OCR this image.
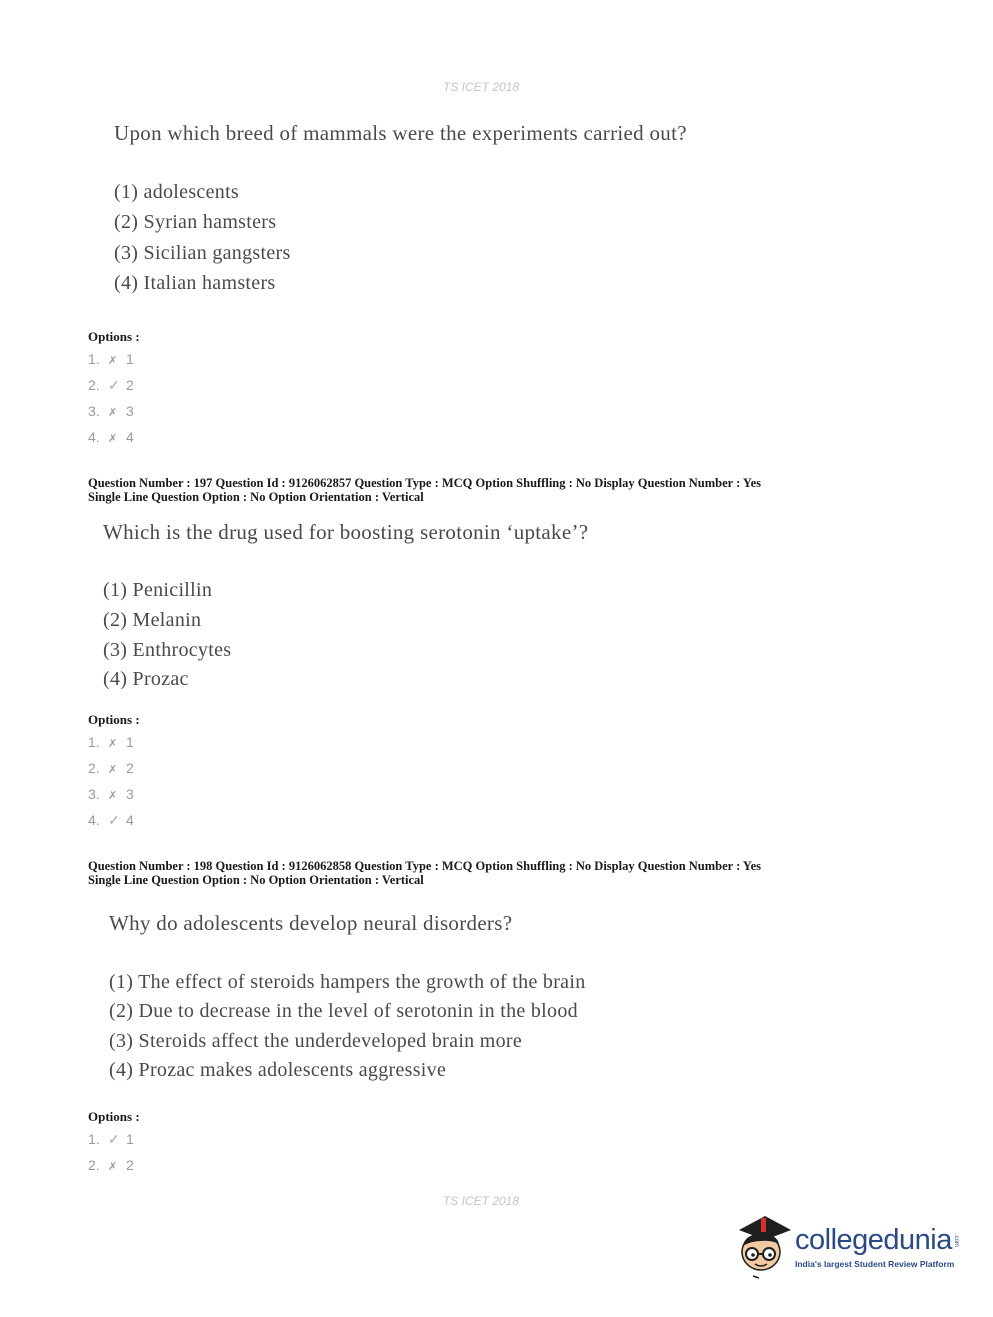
TS ICET 2018
Upon which breed of mammals were the experiments carried out?
(1) adolescents
(2) Syrian hamsters
(3) Sicilian gangsters
(4) Italian hamsters
Options :
1. ✗ 1
2. ✓ 2
3. ✗ 3
4. ✗ 4
Question Number : 197 Question Id : 9126062857 Question Type : MCQ Option Shuffling : No Display Question Number : Yes
Single Line Question Option : No Option Orientation : Vertical
Which is the drug used for boosting serotonin ‘uptake’?
(1) Penicillin
(2) Melanin
(3) Enthrocytes
(4) Prozac
Options :
1. ✗ 1
2. ✗ 2
3. ✗ 3
4. ✓ 4
Question Number : 198 Question Id : 9126062858 Question Type : MCQ Option Shuffling : No Display Question Number : Yes
Single Line Question Option : No Option Orientation : Vertical
Why do adolescents develop neural disorders?
(1) The effect of steroids hampers the growth of the brain
(2) Due to decrease in the level of serotonin in the blood
(3) Steroids affect the underdeveloped brain more
(4) Prozac makes adolescents aggressive
Options :
1. ✓ 1
2. ✗ 2
TS ICET 2018
collegedunia .com
India's largest Student Review Platform
